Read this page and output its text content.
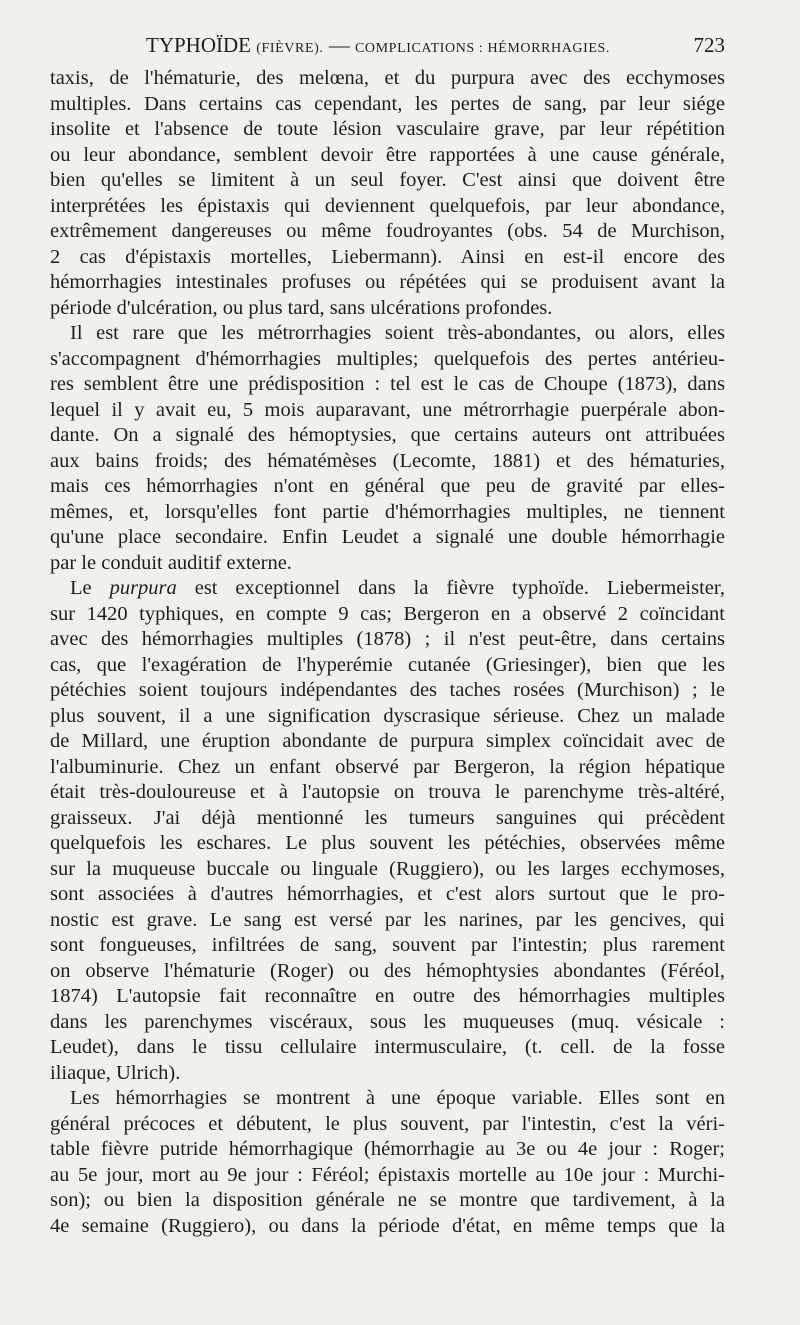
TYPHOÏDE (FIÈVRE). — COMPLICATIONS : HÉMORRHAGIES.	723
taxis, de l'hématurie, des melœna, et du purpura avec des ecchymoses
multiples. Dans certains cas cependant, les pertes de sang, par leur siége
insolite et l'absence de toute lésion vasculaire grave, par leur répétition
ou leur abondance, semblent devoir être rapportées à une cause générale,
bien qu'elles se limitent à un seul foyer. C'est ainsi que doivent être
interprétées les épistaxis qui deviennent quelquefois, par leur abondance,
extrêmement dangereuses ou même foudroyantes (obs. 54 de Murchison,
2 cas d'épistaxis mortelles, Liebermann). Ainsi en est-il encore des
hémorrhagies intestinales profuses ou répétées qui se produisent avant la
période d'ulcération, ou plus tard, sans ulcérations profondes.
Il est rare que les métrorrhagies soient très-abondantes, ou alors, elles
s'accompagnent d'hémorrhagies multiples; quelquefois des pertes antérieu-
res semblent être une prédisposition : tel est le cas de Choupe (1873), dans
lequel il y avait eu, 5 mois auparavant, une métrorrhagie puerpérale abon-
dante. On a signalé des hémoptysies, que certains auteurs ont attribuées
aux bains froids; des hématémèses (Lecomte, 1881) et des hématuries,
mais ces hémorrhagies n'ont en général que peu de gravité par elles-
mêmes, et, lorsqu'elles font partie d'hémorrhagies multiples, ne tiennent
qu'une place secondaire. Enfin Leudet a signalé une double hémorrhagie
par le conduit auditif externe.
Le purpura est exceptionnel dans la fièvre typhoïde. Liebermeister,
sur 1420 typhiques, en compte 9 cas; Bergeron en a observé 2 coïncidant
avec des hémorrhagies multiples (1878) ; il n'est peut-être, dans certains
cas, que l'exagération de l'hyperémie cutanée (Griesinger), bien que les
pétéchies soient toujours indépendantes des taches rosées (Murchison) ; le
plus souvent, il a une signification dyscrasique sérieuse. Chez un malade
de Millard, une éruption abondante de purpura simplex coïncidait avec de
l'albuminurie. Chez un enfant observé par Bergeron, la région hépatique
était très-douloureuse et à l'autopsie on trouva le parenchyme très-altéré,
graisseux. J'ai déjà mentionné les tumeurs sanguines qui précèdent
quelquefois les eschares. Le plus souvent les pétéchies, observées même
sur la muqueuse buccale ou linguale (Ruggiero), ou les larges ecchymoses,
sont associées à d'autres hémorrhagies, et c'est alors surtout que le pro-
nostic est grave. Le sang est versé par les narines, par les gencives, qui
sont fongueuses, infiltrées de sang, souvent par l'intestin; plus rarement
on observe l'hématurie (Roger) ou des hémophtysies abondantes (Féréol,
1874) L'autopsie fait reconnaître en outre des hémorrhagies multiples
dans les parenchymes viscéraux, sous les muqueuses (muq. vésicale :
Leudet), dans le tissu cellulaire intermusculaire, (t. cell. de la fosse
iliaque, Ulrich).
Les hémorrhagies se montrent à une époque variable. Elles sont en
général précoces et débutent, le plus souvent, par l'intestin, c'est la véri-
table fièvre putride hémorrhagique (hémorrhagie au 3e ou 4e jour : Roger;
au 5e jour, mort au 9e jour : Féréol; épistaxis mortelle au 10e jour : Murchi-
son); ou bien la disposition générale ne se montre que tardivement, à la
4e semaine (Ruggiero), ou dans la période d'état, en même temps que la
